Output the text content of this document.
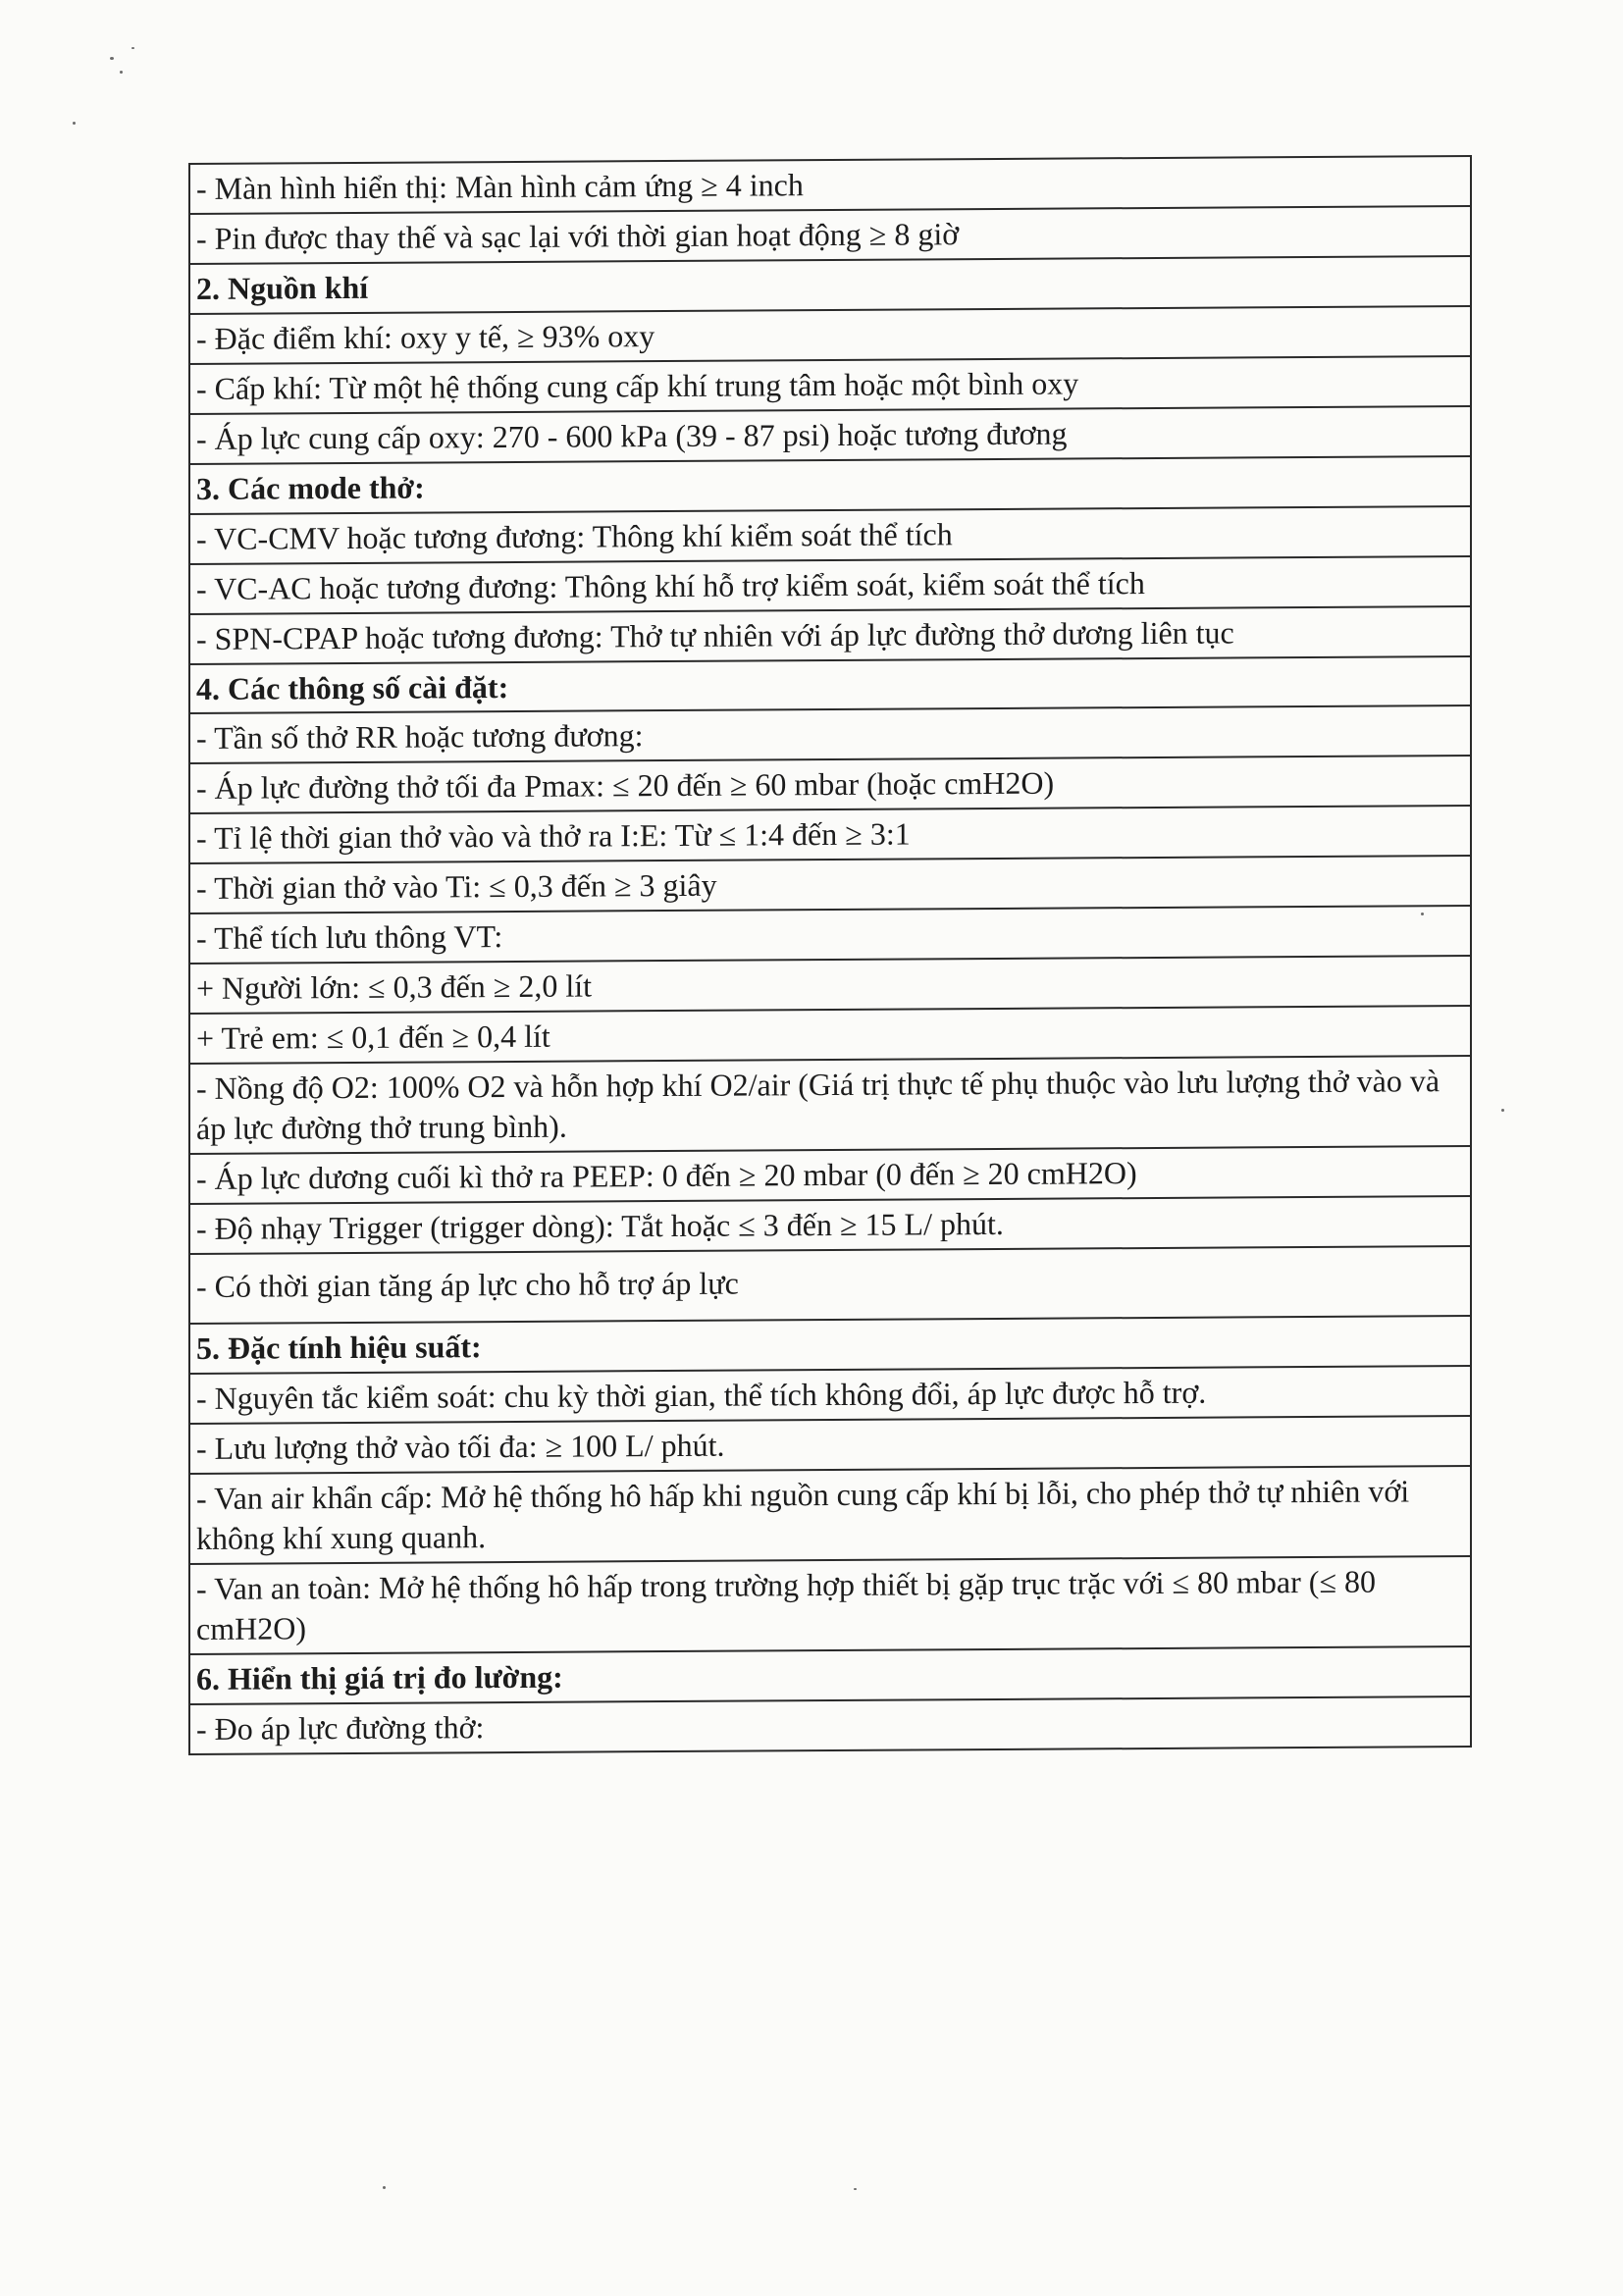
- Màn hình hiển thị: Màn hình cảm ứng ≥ 4 inch
- Pin được thay thế và sạc lại với thời gian hoạt động ≥ 8 giờ
2. Nguồn khí
- Đặc điểm khí: oxy y tế, ≥ 93% oxy
- Cấp khí: Từ một hệ thống cung cấp khí trung tâm hoặc một bình oxy
- Áp lực cung cấp oxy: 270 - 600 kPa (39 - 87 psi) hoặc tương đương
3. Các mode thở:
- VC-CMV hoặc tương đương: Thông khí kiểm soát thể tích
- VC-AC hoặc tương đương: Thông khí hỗ trợ kiểm soát, kiểm soát thể tích
- SPN-CPAP hoặc tương đương: Thở tự nhiên với áp lực đường thở dương liên tục
4. Các thông số cài đặt:
- Tần số thở RR hoặc tương đương:
- Áp lực đường thở tối đa Pmax: ≤ 20 đến ≥ 60 mbar (hoặc cmH2O)
- Tỉ lệ thời gian thở vào và thở ra I:E: Từ ≤ 1:4 đến ≥ 3:1
- Thời gian thở vào Ti: ≤ 0,3 đến ≥ 3 giây
- Thể tích lưu thông VT:
+ Người lớn: ≤ 0,3 đến ≥ 2,0 lít
+ Trẻ em: ≤ 0,1 đến ≥ 0,4 lít
- Nồng độ O2: 100% O2 và hỗn hợp khí O2/air (Giá trị thực tế phụ thuộc vào lưu lượng thở vào và áp lực đường thở trung bình).
- Áp lực dương cuối kì thở ra PEEP: 0 đến ≥ 20 mbar (0 đến ≥ 20 cmH2O)
- Độ nhạy Trigger (trigger dòng): Tắt hoặc ≤ 3 đến ≥ 15 L/ phút.
- Có thời gian tăng áp lực cho hỗ trợ áp lực
5. Đặc tính hiệu suất:
- Nguyên tắc kiểm soát: chu kỳ thời gian, thể tích không đổi, áp lực được hỗ trợ.
- Lưu lượng thở vào tối đa: ≥ 100 L/ phút.
- Van air khẩn cấp: Mở hệ thống hô hấp khi nguồn cung cấp khí bị lỗi, cho phép thở tự nhiên với không khí xung quanh.
- Van an toàn: Mở hệ thống hô hấp trong trường hợp thiết bị gặp trục trặc với ≤ 80 mbar (≤ 80 cmH2O)
6. Hiển thị giá trị đo lường:
- Đo áp lực đường thở:
